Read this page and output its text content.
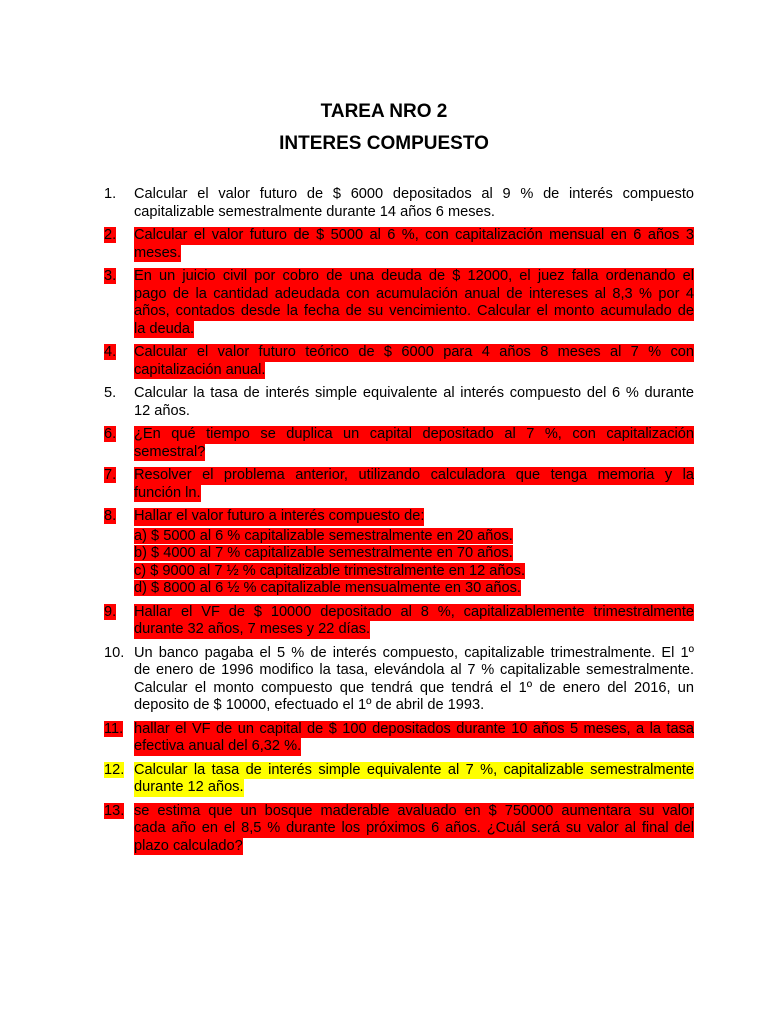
TAREA NRO 2
INTERES COMPUESTO
1.	Calcular el valor futuro de $ 6000 depositados al 9 % de interés compuesto
capitalizable semestralmente durante 14 años 6 meses.
2.	Calcular el valor futuro de $ 5000 al 6 %, con capitalización mensual en 6 años 3
meses.
3.	En un juicio civil por cobro de una deuda de $ 12000, el juez falla ordenando el
pago de la cantidad adeudada con acumulación anual de intereses al 8,3 % por 4
años, contados desde la fecha de su vencimiento. Calcular el monto acumulado de
la deuda.
4.	Calcular el valor futuro teórico de $ 6000 para 4 años 8 meses al 7 % con
capitalización anual.
5.	Calcular la tasa de interés simple equivalente al interés compuesto del 6 % durante
12 años.
6.	¿En qué tiempo se duplica un capital depositado al 7 %, con capitalización
semestral?
7.	Resolver el problema anterior, utilizando calculadora que tenga memoria y la
función ln.
8.	Hallar el valor futuro a interés compuesto de:
a) $ 5000 al 6 % capitalizable semestralmente en 20 años.
b) $ 4000 al 7 % capitalizable semestralmente en 70 años.
c) $ 9000 al 7 ½ % capitalizable trimestralmente en 12 años.
d) $ 8000 al 6 ½ % capitalizable mensualmente en 30 años.
9.	Hallar el VF de $ 10000 depositado al 8 %, capitalizablemente trimestralmente
durante 32 años, 7 meses y 22 días.
10. Un banco pagaba el 5 % de interés compuesto, capitalizable trimestralmente. El 1º
de enero de 1996 modifico la tasa, elevándola al 7 % capitalizable semestralmente.
Calcular el monto compuesto que tendrá que tendrá el 1º de enero del 2016, un
deposito de $ 10000, efectuado el 1º de abril de 1993.
11. hallar el VF de un capital de $ 100 depositados durante 10 años 5 meses, a la tasa
efectiva anual del 6,32 %.
12. Calcular la tasa de interés simple equivalente al 7 %, capitalizable semestralmente
durante 12 años.
13. se estima que un bosque maderable avaluado en $ 750000 aumentara su valor
cada año en el 8,5 % durante los próximos 6 años. ¿Cuál será su valor al final del
plazo calculado?
